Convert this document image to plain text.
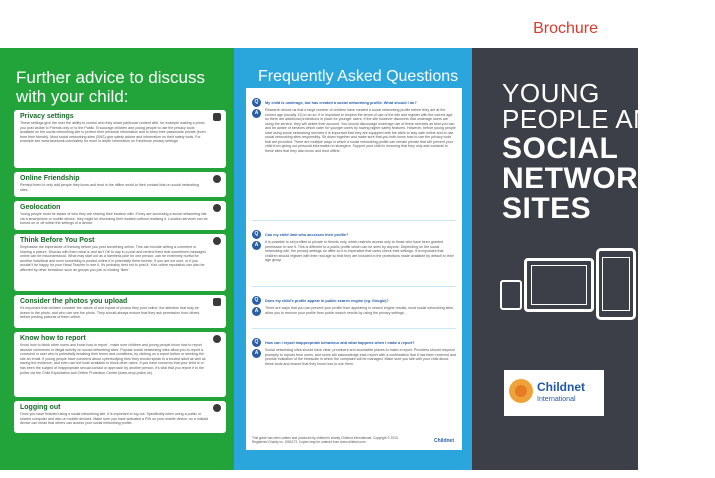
Brochure
Further advice to discuss with your child:
Privacy settings
These settings give the user the ability to control who they share particular content with, for example making a photo you post visible to Friends only or to the Public. Encourage children and young people to use the privacy tools available on the social networking site to protect their personal information and to keep their passwords private (even from their friends). Most social networking sites (SNS) give safety advice and information on their safety tools. For example see www.facebook.com/safety for more in-depth information on Facebook privacy settings.
Online Friendship
Remind them to only add people they know and trust in the offline world to their contact lists on social networking sites.
Geolocation
Young people must be aware of who they are sharing their location with. If they are accessing a social networking site via a smartphone or mobile device, they might be disclosing their location without realising it. Location services can be turned on or off within the settings of a device.
Think Before You Post
Emphasise the importance of thinking before you post something online. This can include writing a comment or sharing a picture. Discuss with them what is and isn't OK to say in a post and remind them that sometimes messages online can be misunderstood. What may start out as a harmless joke for one person, can be extremely hurtful for another individual and once something is posted online it is potentially there forever. If you are not sure, or if you wouldn't be happy for your Head Teacher to see it, it's probably best not to post it. Your online reputation can also be affected by other behaviour such as groups you join or clicking 'likes'.
Consider the photos you upload
It's important that children consider the nature of and impact of photos they post online, the attention that may be drawn to the photo, and who can see the photo. They should always ensure that they ask permission from others before posting pictures of them online.
Know how to report
Know how to block other users and know how to report - make sure children and young people know how to report abusive comments or illegal activity on social networking sites. Popular social networking sites allow you to report a comment or user who is potentially breaking their terms and conditions, by clicking on a report button or sending the site an email. If young people have concerns about cyberbullying then they should speak to a trusted adult as well as saving the evidence, and even use the tools available to block other users. If you have concerns that your child is or has been the subject of inappropriate sexual contact or approach by another person, it's vital that you report it to the police via the Child Exploitation and Online Protection Centre (www.ceop.police.uk).
Logging out
Once you have finished using a social networking site, it is important to log out. Specifically when using a public or shared computer and also on mobile devices. Make sure you have activated a PIN on your mobile device, so a mislaid device can mean that others can access your social networking profile.
Frequently Asked Questions
Q My child is underage, but has created a social networking profile. What should I do?
A	Research shows us that a large number of children have created a social networking profile before they are at the correct age (usually 13) to do so. It is important to respect the terms of use of the site and register with the correct age, so there are additional protections in place for younger users. If the site however discovers that underage users are using the service, they will delete their account. You should discourage underage use of these services as best you can, and be aware of services which cater for younger users by having higher safety features. However, before young people start using social networking services it is important that they are equipped with the skills to stay safe online and to use social networking sites responsibly. Sit down together and make sure that you both know how to use the privacy tools that are provided. There are multiple ways in which a social networking profile can remain private that will prevent your child from giving out personal information to strangers. Support your child in ensuring that they only add contacts to these sites that they also know and trust offline.
Q Can my child limit who accesses their profile?
A	It is possible to set profiles to private or friends only, which restricts access only to those who have been granted permission to see it. This is different to a public profile which can be seen by anyone. Depending on the social networking site, the privacy settings do differ so it is imperative that users check their settings. It is important that children should register with their real age so that they are included in the protections made available by default to their age group.
Q Does my child's profile appear in public search engine (eg. Google)?
A	There are ways that you can prevent your profile from appearing in search engine results; most social networking sites allow you to remove your profile from public search results by using the privacy settings.
Q How can I report inappropriate behaviour and what happens when I make a report?
A	Social networking sites should have clear, prominent and accessible places to make a report. Providers should respond promptly to reports from users, and some will acknowledge each report with a confirmation that it has been received and provide indication of the timescale in which the complaint will be managed. Make sure you talk with your child about these tools and ensure that they know how to use them.
This guide has been written and produced by children's charity Childnet International. Copyright © 2013. Registered Charity no. 1080173. Copies may be ordered from www.childnet.com	Childnet
YOUNG
PEOPLE AND
SOCIAL
NETWORKING
SITES
Childnet
International
